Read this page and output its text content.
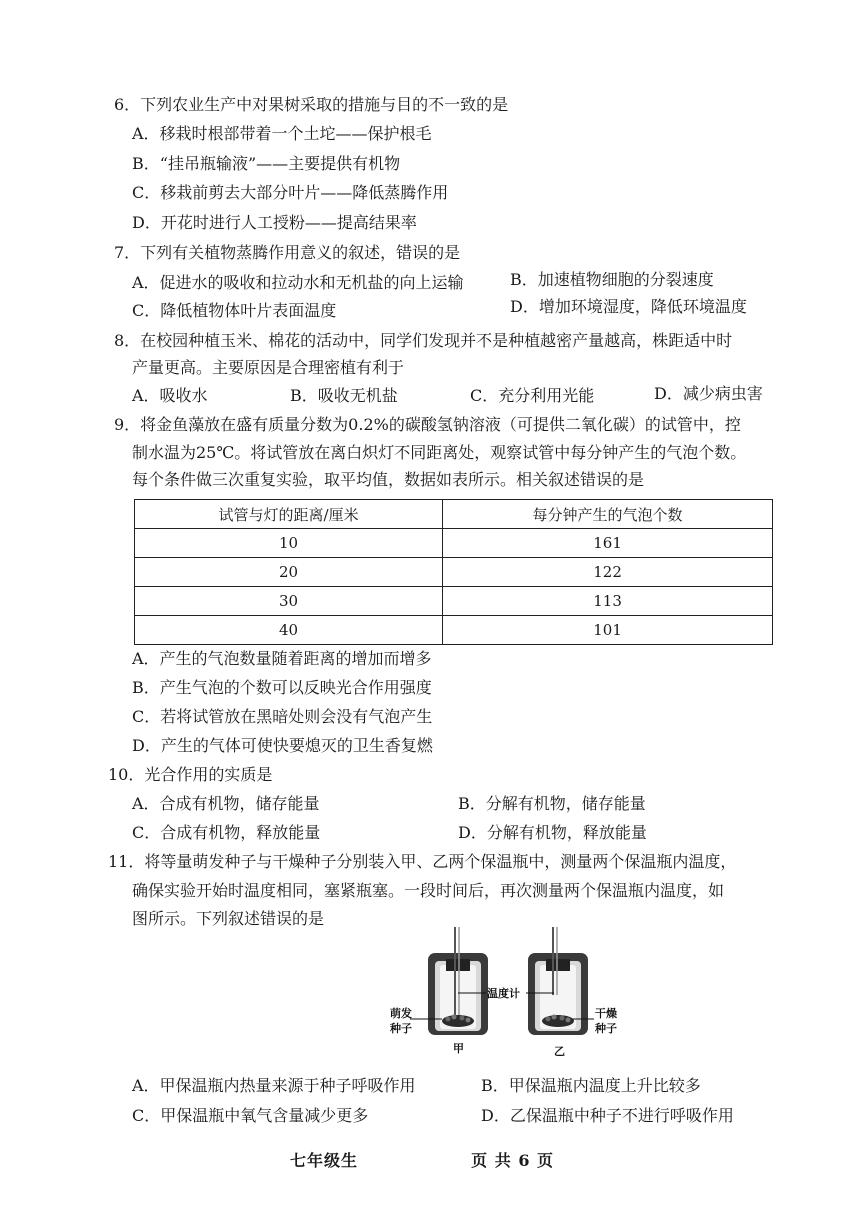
6．下列农业生产中对果树采取的措施与目的不一致的是
A．移栽时根部带着一个土坨——保护根毛
B．“挂吊瓶输液”——主要提供有机物
C．移栽前剪去大部分叶片——降低蒸腾作用
D．开花时进行人工授粉——提高结果率
7．下列有关植物蒸腾作用意义的叙述，错误的是
A．促进水的吸收和拉动水和无机盐的向上运输	B．加速植物细胞的分裂速度
C．降低植物体叶片表面温度	D．增加环境湿度，降低环境温度
8．在校园种植玉米、棉花的活动中，同学们发现并不是种植越密产量越高，株距适中时
产量更高。主要原因是合理密植有利于
A．吸收水	B．吸收无机盐	C．充分利用光能	D．减少病虫害
9．将金鱼藻放在盛有质量分数为0.2%的碳酸氢钠溶液（可提供二氧化碳）的试管中，控
制水温为25℃。将试管放在离白炽灯不同距离处，观察试管中每分钟产生的气泡个数。
每个条件做三次重复实验，取平均值，数据如表所示。相关叙述错误的是
试管与灯的距离/厘米	每分钟产生的气泡个数
10	161
20	122
30	113
40	101
A．产生的气泡数量随着距离的增加而增多
B．产生气泡的个数可以反映光合作用强度
C．若将试管放在黑暗处则会没有气泡产生
D．产生的气体可使快要熄灭的卫生香复燃
10．光合作用的实质是
A．合成有机物，储存能量	B．分解有机物，储存能量
C．合成有机物，释放能量	D．分解有机物，释放能量
11．将等量萌发种子与干燥种子分别装入甲、乙两个保温瓶中，测量两个保温瓶内温度，
确保实验开始时温度相同，塞紧瓶塞。一段时间后，再次测量两个保温瓶内温度，如
图所示。下列叙述错误的是
温度计
萌发
种子
干燥
种子
甲	乙
A．甲保温瓶内热量来源于种子呼吸作用	B．甲保温瓶内温度上升比较多
C．甲保温瓶中氧气含量减少更多	D．乙保温瓶中种子不进行呼吸作用
七年级生	页 共 6 页
